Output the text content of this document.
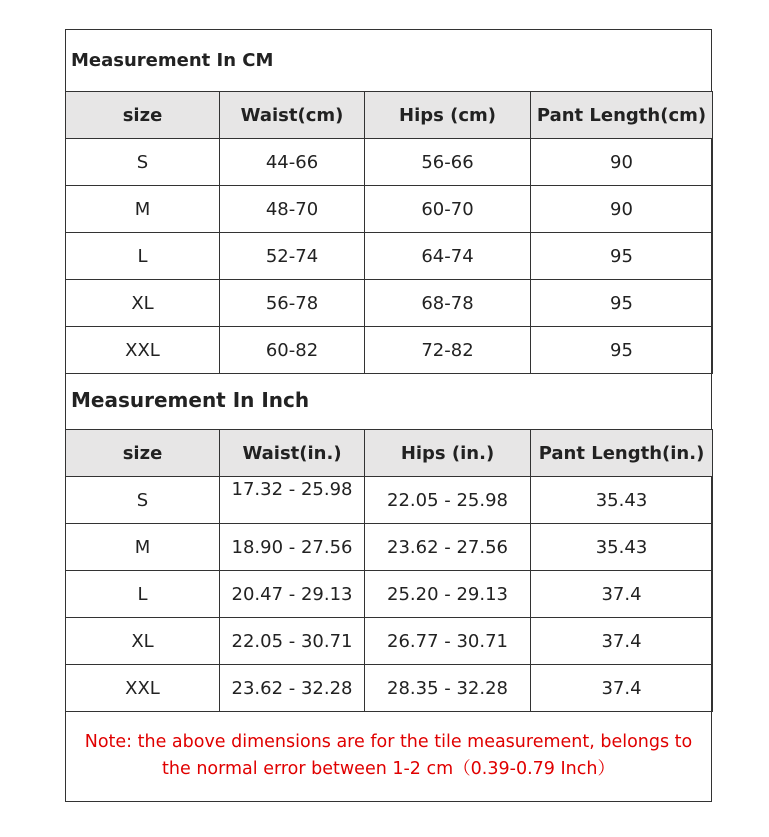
Measurement In CM
size	Waist(cm)	Hips (cm)	Pant Length(cm)
S	44-66	56-66	90
M	48-70	60-70	90
L	52-74	64-74	95
XL	56-78	68-78	95
XXL	60-82	72-82	95
Measurement In Inch
size	Waist(in.)	Hips (in.)	Pant Length(in.)
S	17.32 - 25.98	22.05 - 25.98	35.43
M	18.90 - 27.56	23.62 - 27.56	35.43
L	20.47 - 29.13	25.20 - 29.13	37.4
XL	22.05 - 30.71	26.77 - 30.71	37.4
XXL	23.62 - 32.28	28.35 - 32.28	37.4
Note: the above dimensions are for the tile measurement, belongs to
the normal error between 1-2 cm（0.39-0.79 Inch）
